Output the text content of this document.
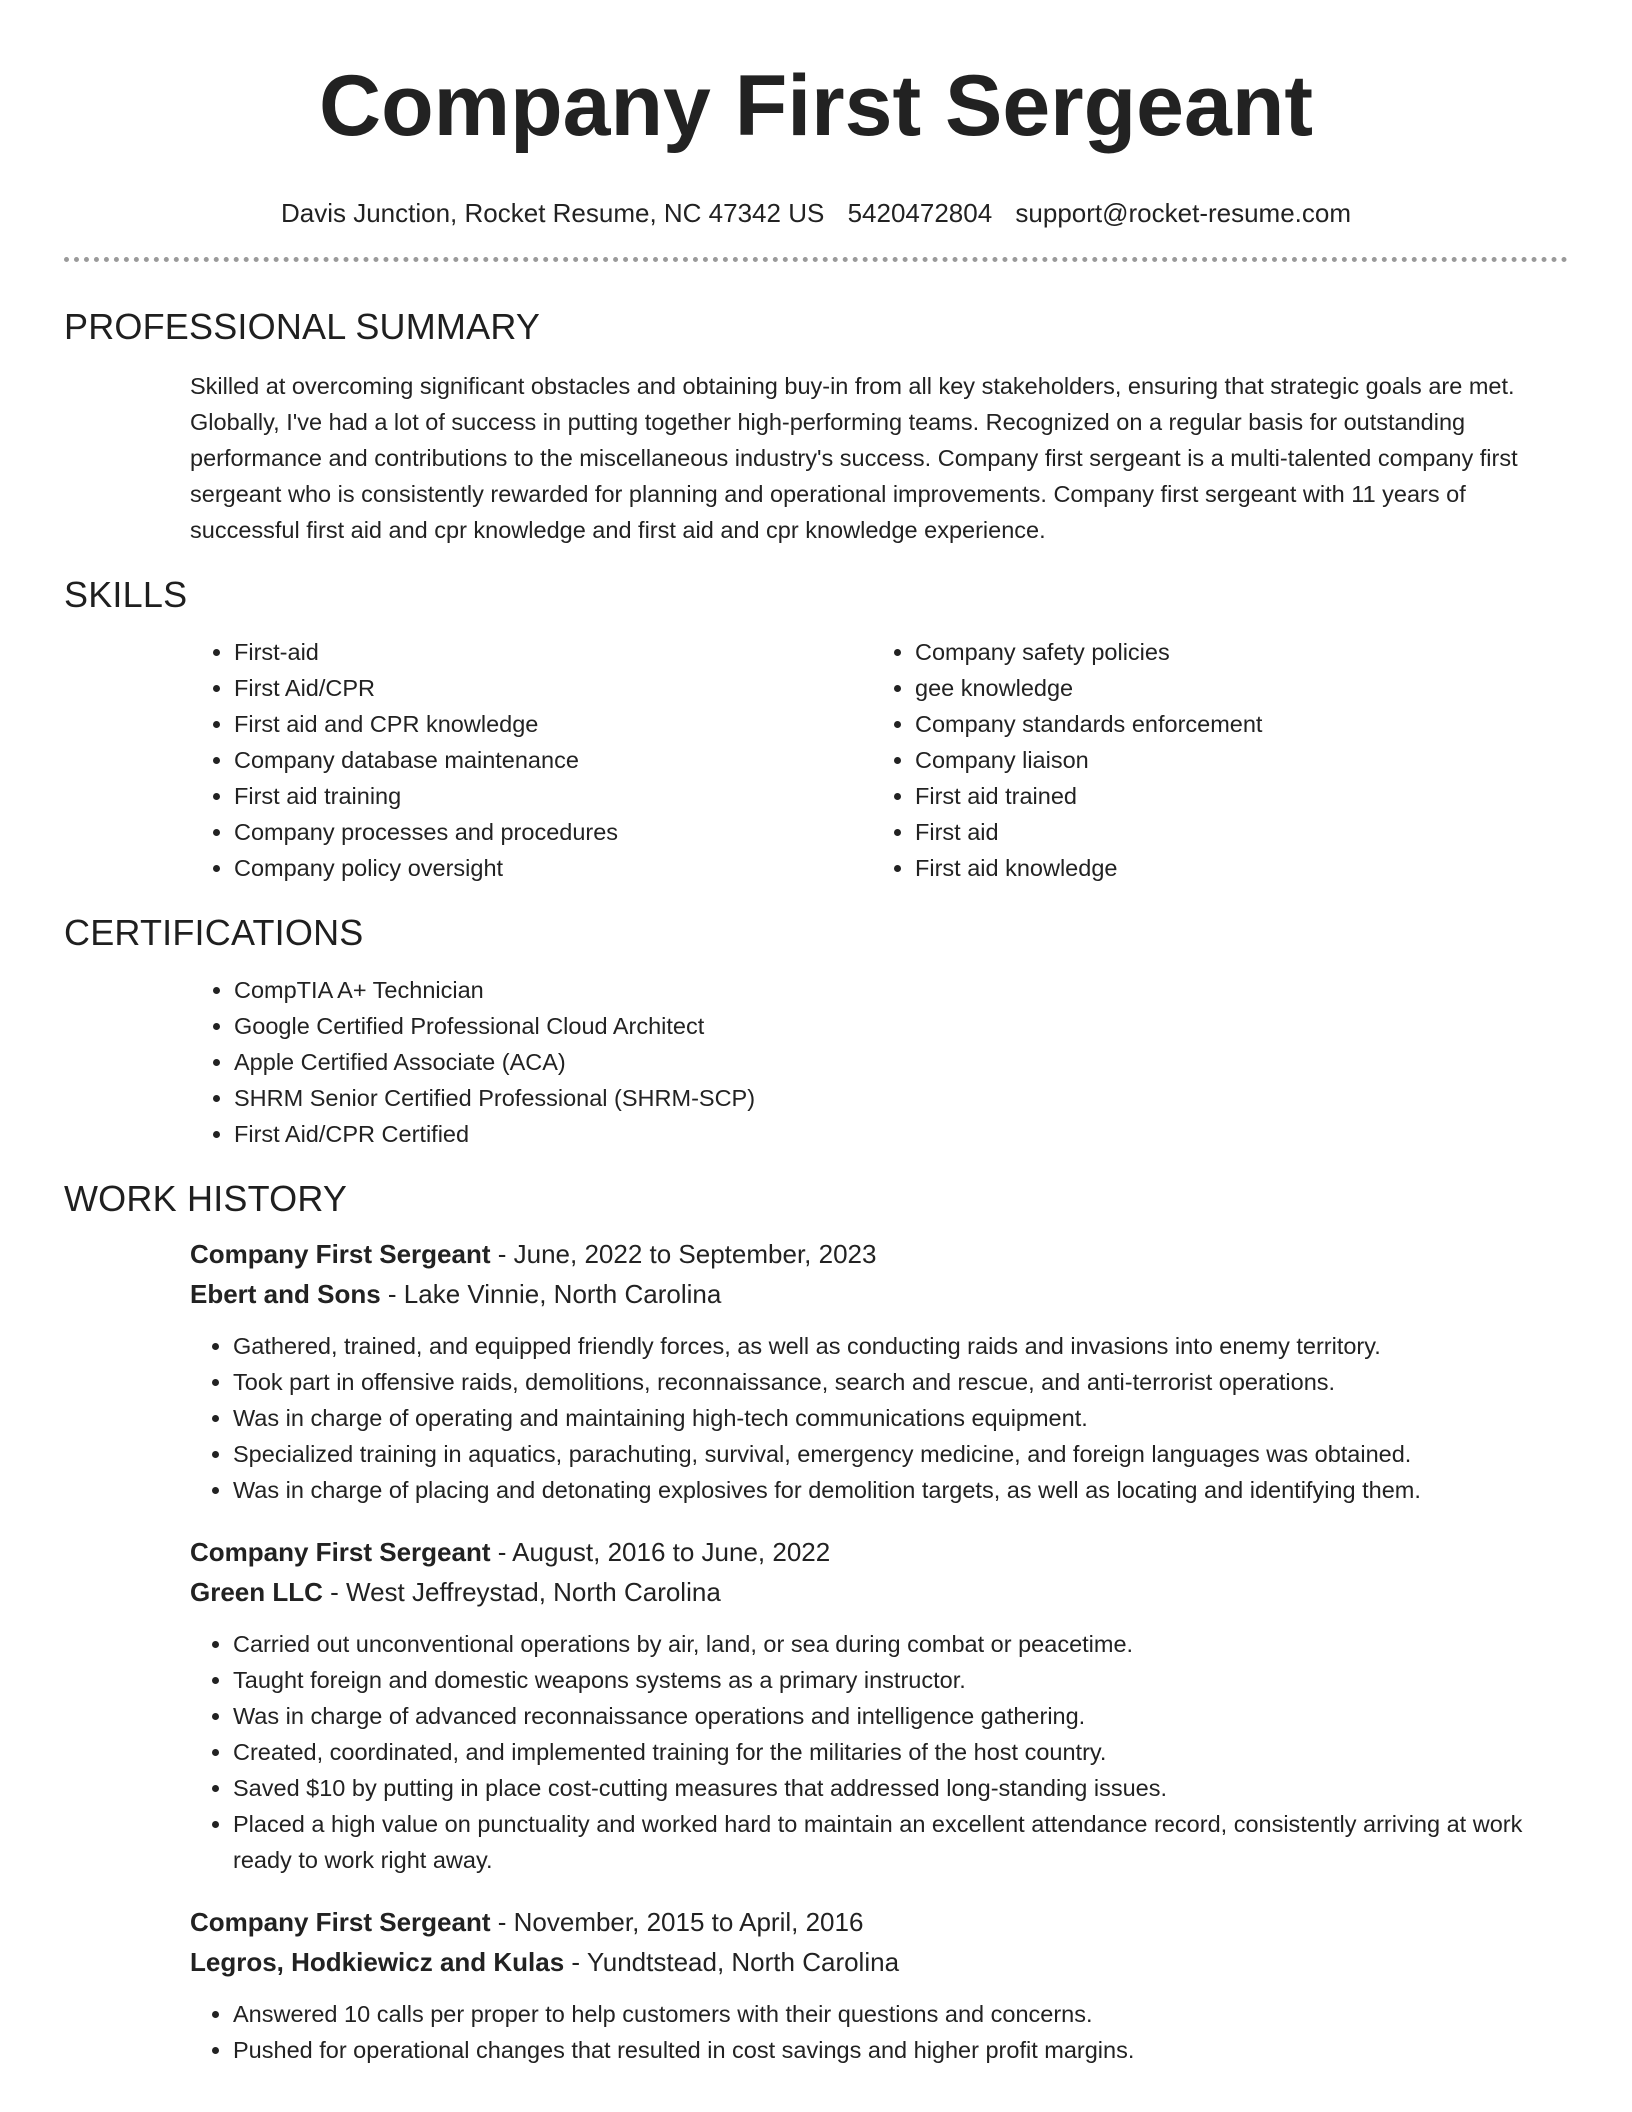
Company First Sergeant
Davis Junction, Rocket Resume, NC 47342 US 5420472804 support@rocket-resume.com
PROFESSIONAL SUMMARY

Skilled at overcoming significant obstacles and obtaining buy-in from all key stakeholders, ensuring that strategic goals are met. Globally, I've had a lot of success in putting together high-performing teams. Recognized on a regular basis for outstanding performance and contributions to the miscellaneous industry's success. Company first sergeant is a multi-talented company first sergeant who is consistently rewarded for planning and operational improvements. Company first sergeant with 11 years of successful first aid and cpr knowledge and first aid and cpr knowledge experience.

SKILLS
• First-aid
• First Aid/CPR
• First aid and CPR knowledge
• Company database maintenance
• First aid training
• Company processes and procedures
• Company policy oversight
• Company safety policies
• gee knowledge
• Company standards enforcement
• Company liaison
• First aid trained
• First aid
• First aid knowledge
CERTIFICATIONS
• CompTIA A+ Technician
• Google Certified Professional Cloud Architect
• Apple Certified Associate (ACA)
• SHRM Senior Certified Professional (SHRM-SCP)
• First Aid/CPR Certified
WORK HISTORY
Company First Sergeant - June, 2022 to September, 2023
Ebert and Sons - Lake Vinnie, North Carolina
• Gathered, trained, and equipped friendly forces, as well as conducting raids and invasions into enemy territory.
• Took part in offensive raids, demolitions, reconnaissance, search and rescue, and anti-terrorist operations.
• Was in charge of operating and maintaining high-tech communications equipment.
• Specialized training in aquatics, parachuting, survival, emergency medicine, and foreign languages was obtained.
• Was in charge of placing and detonating explosives for demolition targets, as well as locating and identifying them.
Company First Sergeant - August, 2016 to June, 2022
Green LLC - West Jeffreystad, North Carolina
• Carried out unconventional operations by air, land, or sea during combat or peacetime.
• Taught foreign and domestic weapons systems as a primary instructor.
• Was in charge of advanced reconnaissance operations and intelligence gathering.
• Created, coordinated, and implemented training for the militaries of the host country.
• Saved $10 by putting in place cost-cutting measures that addressed long-standing issues.
• Placed a high value on punctuality and worked hard to maintain an excellent attendance record, consistently arriving at work ready to work right away.
Company First Sergeant - November, 2015 to April, 2016
Legros, Hodkiewicz and Kulas - Yundtstead, North Carolina
• Answered 10 calls per proper to help customers with their questions and concerns.
• Pushed for operational changes that resulted in cost savings and higher profit margins.
